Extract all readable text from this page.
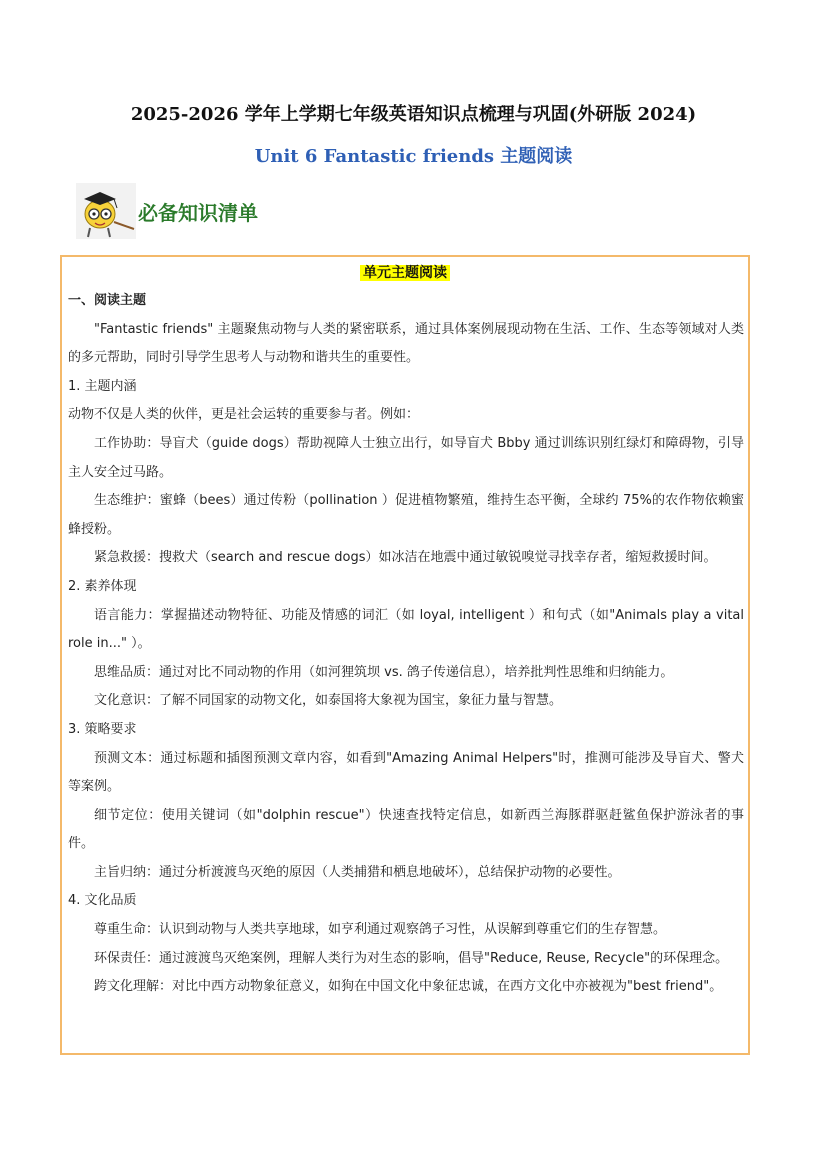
2025-2026 学年上学期七年级英语知识点梳理与巩固(外研版 2024)
Unit 6 Fantastic friends 主题阅读
必备知识清单
单元主题阅读

一、阅读主题

"Fantastic friends" 主题聚焦动物与人类的紧密联系，通过具体案例展现动物在生活、工作、生态等领域对人类的多元帮助，同时引导学生思考人与动物和谐共生的重要性。

1. 主题内涵

动物不仅是人类的伙伴，更是社会运转的重要参与者。例如：

工作协助：导盲犬（guide dogs）帮助视障人士独立出行，如导盲犬 Bbby 通过训练识别红绿灯和障碍物，引导主人安全过马路。

生态维护：蜜蜂（bees）通过传粉（pollination ）促进植物繁殖，维持生态平衡，全球约 75%的农作物依赖蜜蜂授粉。

紧急救援：搜救犬（search and rescue dogs）如冰洁在地震中通过敏锐嗅觉寻找幸存者，缩短救援时间。

2. 素养体现

语言能力：掌握描述动物特征、功能及情感的词汇（如 loyal, intelligent ）和句式（如"Animals play a vital role in..." ）。

思维品质：通过对比不同动物的作用（如河狸筑坝 vs. 鸽子传递信息），培养批判性思维和归纳能力。

文化意识：了解不同国家的动物文化，如泰国将大象视为国宝，象征力量与智慧。

3. 策略要求

预测文本：通过标题和插图预测文章内容，如看到"Amazing Animal Helpers"时，推测可能涉及导盲犬、警犬等案例。

细节定位：使用关键词（如"dolphin rescue"）快速查找特定信息，如新西兰海豚群驱赶鲨鱼保护游泳者的事件。

主旨归纳：通过分析渡渡鸟灭绝的原因（人类捕猎和栖息地破坏），总结保护动物的必要性。

4. 文化品质

尊重生命：认识到动物与人类共享地球，如亨利通过观察鸽子习性，从误解到尊重它们的生存智慧。

环保责任：通过渡渡鸟灭绝案例，理解人类行为对生态的影响，倡导"Reduce, Reuse, Recycle"的环保理念。

跨文化理解：对比中西方动物象征意义，如狗在中国文化中象征忠诚，在西方文化中亦被视为"best friend"。
